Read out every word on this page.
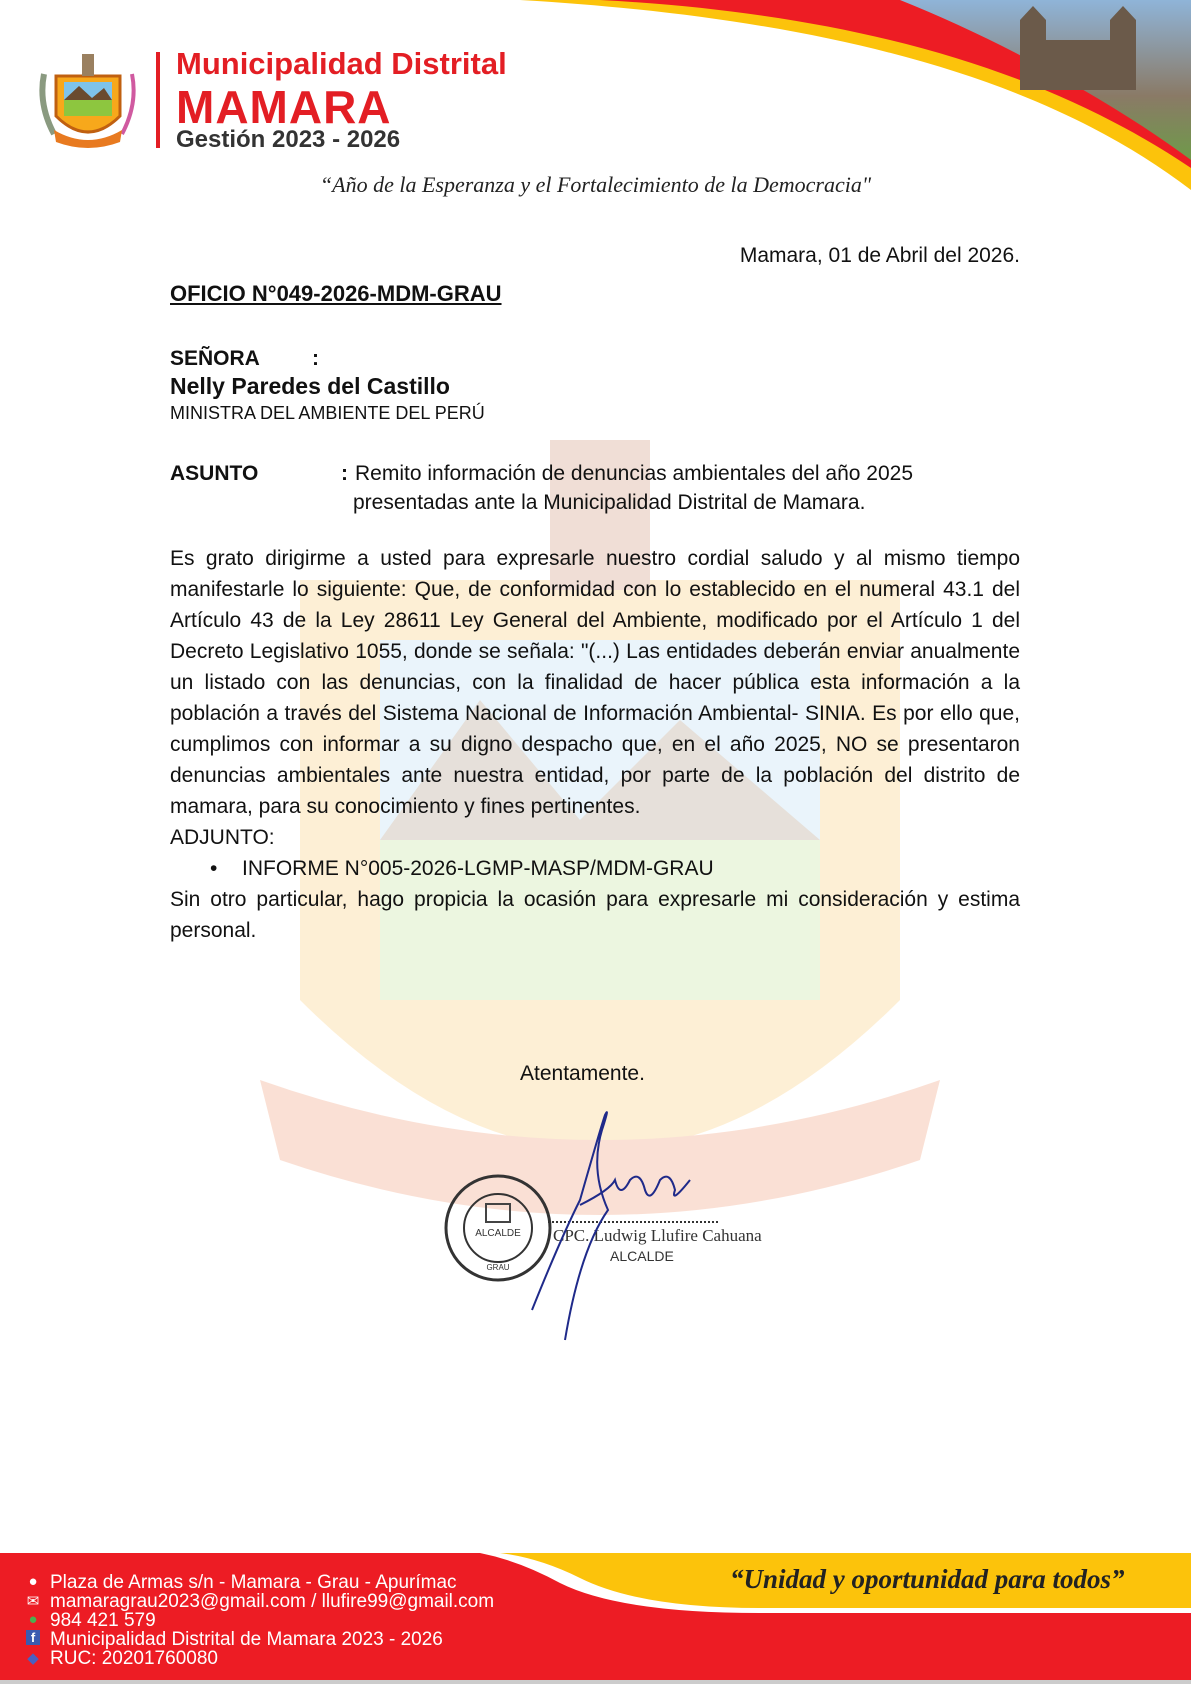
Municipalidad Distrital
MAMARA
Gestión 2023 - 2026
“Año de la Esperanza y el Fortalecimiento de la Democracia"
Mamara, 01 de Abril del 2026.
OFICIO N°049-2026-MDM-GRAU
SEÑORA :
Nelly Paredes del Castillo
MINISTRA DEL AMBIENTE DEL PERÚ
ASUNTO	: Remito información de denuncias ambientales del año 2025
presentadas ante la Municipalidad Distrital de Mamara.
Es grato dirigirme a usted para expresarle nuestro cordial saludo y al mismo tiempo manifestarle lo siguiente: Que, de conformidad con lo establecido en el numeral 43.1 del Artículo 43 de la Ley 28611 Ley General del Ambiente, modificado por el Artículo 1 del Decreto Legislativo 1055, donde se señala: "(...) Las entidades deberán enviar anualmente un listado con las denuncias, con la finalidad de hacer pública esta información a la población a través del Sistema Nacional de Información Ambiental- SINIA. Es por ello que, cumplimos con informar a su digno despacho que, en el año 2025, NO se presentaron denuncias ambientales ante nuestra entidad, por parte de la población del distrito de mamara, para su conocimiento y fines pertinentes.
ADJUNTO:
• INFORME N°005-2026-LGMP-MASP/MDM-GRAU
Sin otro particular, hago propicia la ocasión para expresarle mi consideración y estima personal.
Atentamente.
ALCALDE
GRAU
CPC. Ludwig Llufire Cahuana
ALCALDE
“Unidad y oportunidad para todos”
● Plaza de Armas s/n - Mamara - Grau - Apurímac
✉ mamaragrau2023@gmail.com / llufire99@gmail.com
● 984 421 579
f Municipalidad Distrital de Mamara 2023 - 2026
◆ RUC: 20201760080
